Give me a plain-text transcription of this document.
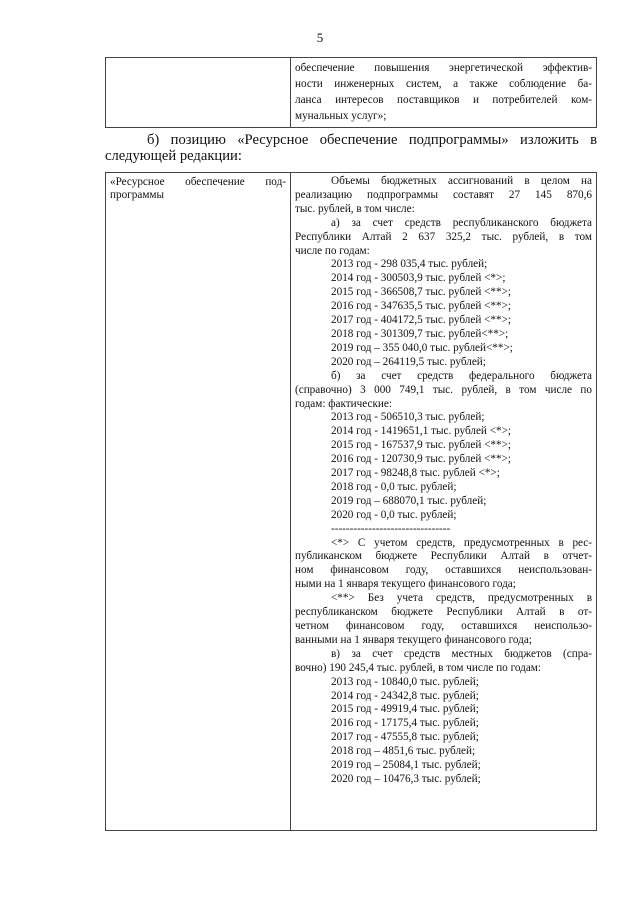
5

обеспечение повышения энергетической эффектив-
ности инженерных систем, а также соблюдение ба-
ланса интересов поставщиков и потребителей ком-
мунальных услуг»;
б) позицию «Ресурсное обеспечение подпрограммы» изложить в
следующей редакции:
«Ресурсное обеспечение под-
программы

Объемы бюджетных ассигнований в целом на
реализацию подпрограммы составят 27 145 870,6
тыс. рублей, в том числе:
а) за счет средств республиканского бюджета
Республики Алтай 2 637 325,2 тыс. рублей, в том
числе по годам:
2013 год - 298 035,4 тыс. рублей;
2014 год - 300503,9 тыс. рублей <*>;
2015 год - 366508,7 тыс. рублей <**>;
2016 год - 347635,5 тыс. рублей <**>;
2017 год - 404172,5 тыс. рублей <**>;
2018 год - 301309,7 тыс. рублей<**>;
2019 год – 355 040,0 тыс. рублей<**>;
2020 год – 264119,5 тыс. рублей;
б) за счет средств федерального бюджета
(справочно) 3 000 749,1 тыс. рублей, в том числе по
годам: фактические:
2013 год - 506510,3 тыс. рублей;
2014 год - 1419651,1 тыс. рублей <*>;
2015 год - 167537,9 тыс. рублей <**>;
2016 год - 120730,9 тыс. рублей <**>;
2017 год - 98248,8 тыс. рублей <*>;
2018 год - 0,0 тыс. рублей;
2019 год – 688070,1 тыс. рублей;
2020 год - 0,0 тыс. рублей;
--------------------------------
<*> С учетом средств, предусмотренных в рес-
публиканском бюджете Республики Алтай в отчет-
ном финансовом году, оставшихся неиспользован-
ными на 1 января текущего финансового года;
<**> Без учета средств, предусмотренных в
республиканском бюджете Республики Алтай в от-
четном финансовом году, оставшихся неиспользо-
ванными на 1 января текущего финансового года;
в) за счет средств местных бюджетов (спра-
вочно) 190 245,4 тыс. рублей, в том числе по годам:
2013 год - 10840,0 тыс. рублей;
2014 год - 24342,8 тыс. рублей;
2015 год - 49919,4 тыс. рублей;
2016 год - 17175,4 тыс. рублей;
2017 год - 47555,8 тыс. рублей;
2018 год – 4851,6 тыс. рублей;
2019 год – 25084,1 тыс. рублей;
2020 год – 10476,3 тыс. рублей;
